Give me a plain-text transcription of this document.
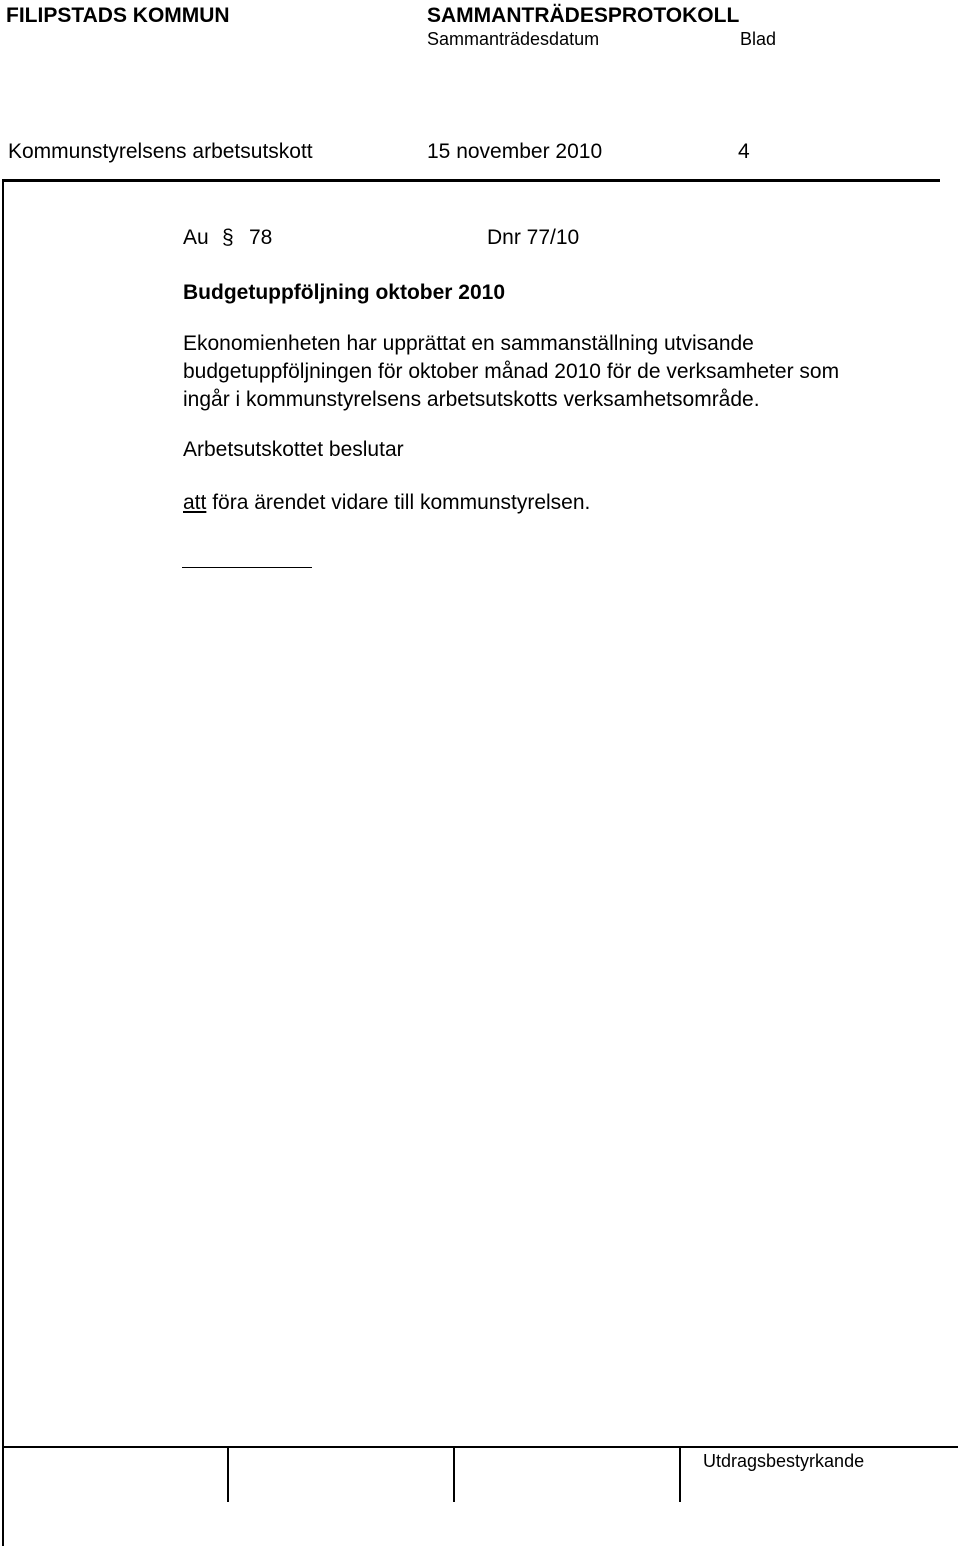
FILIPSTADS KOMMUN	SAMMANTRÄDESPROTOKOLL
Sammanträdesdatum	Blad
Kommunstyrelsens arbetsutskott	15 november 2010	4
Au § 78	Dnr 77/10
Budgetuppföljning oktober 2010
Ekonomienheten har upprättat en sammanställning utvisande
budgetuppföljningen för oktober månad 2010 för de verksamheter som
ingår i kommunstyrelsens arbetsutskotts verksamhetsområde.
Arbetsutskottet beslutar
att föra ärendet vidare till kommunstyrelsen.
Utdragsbestyrkande
